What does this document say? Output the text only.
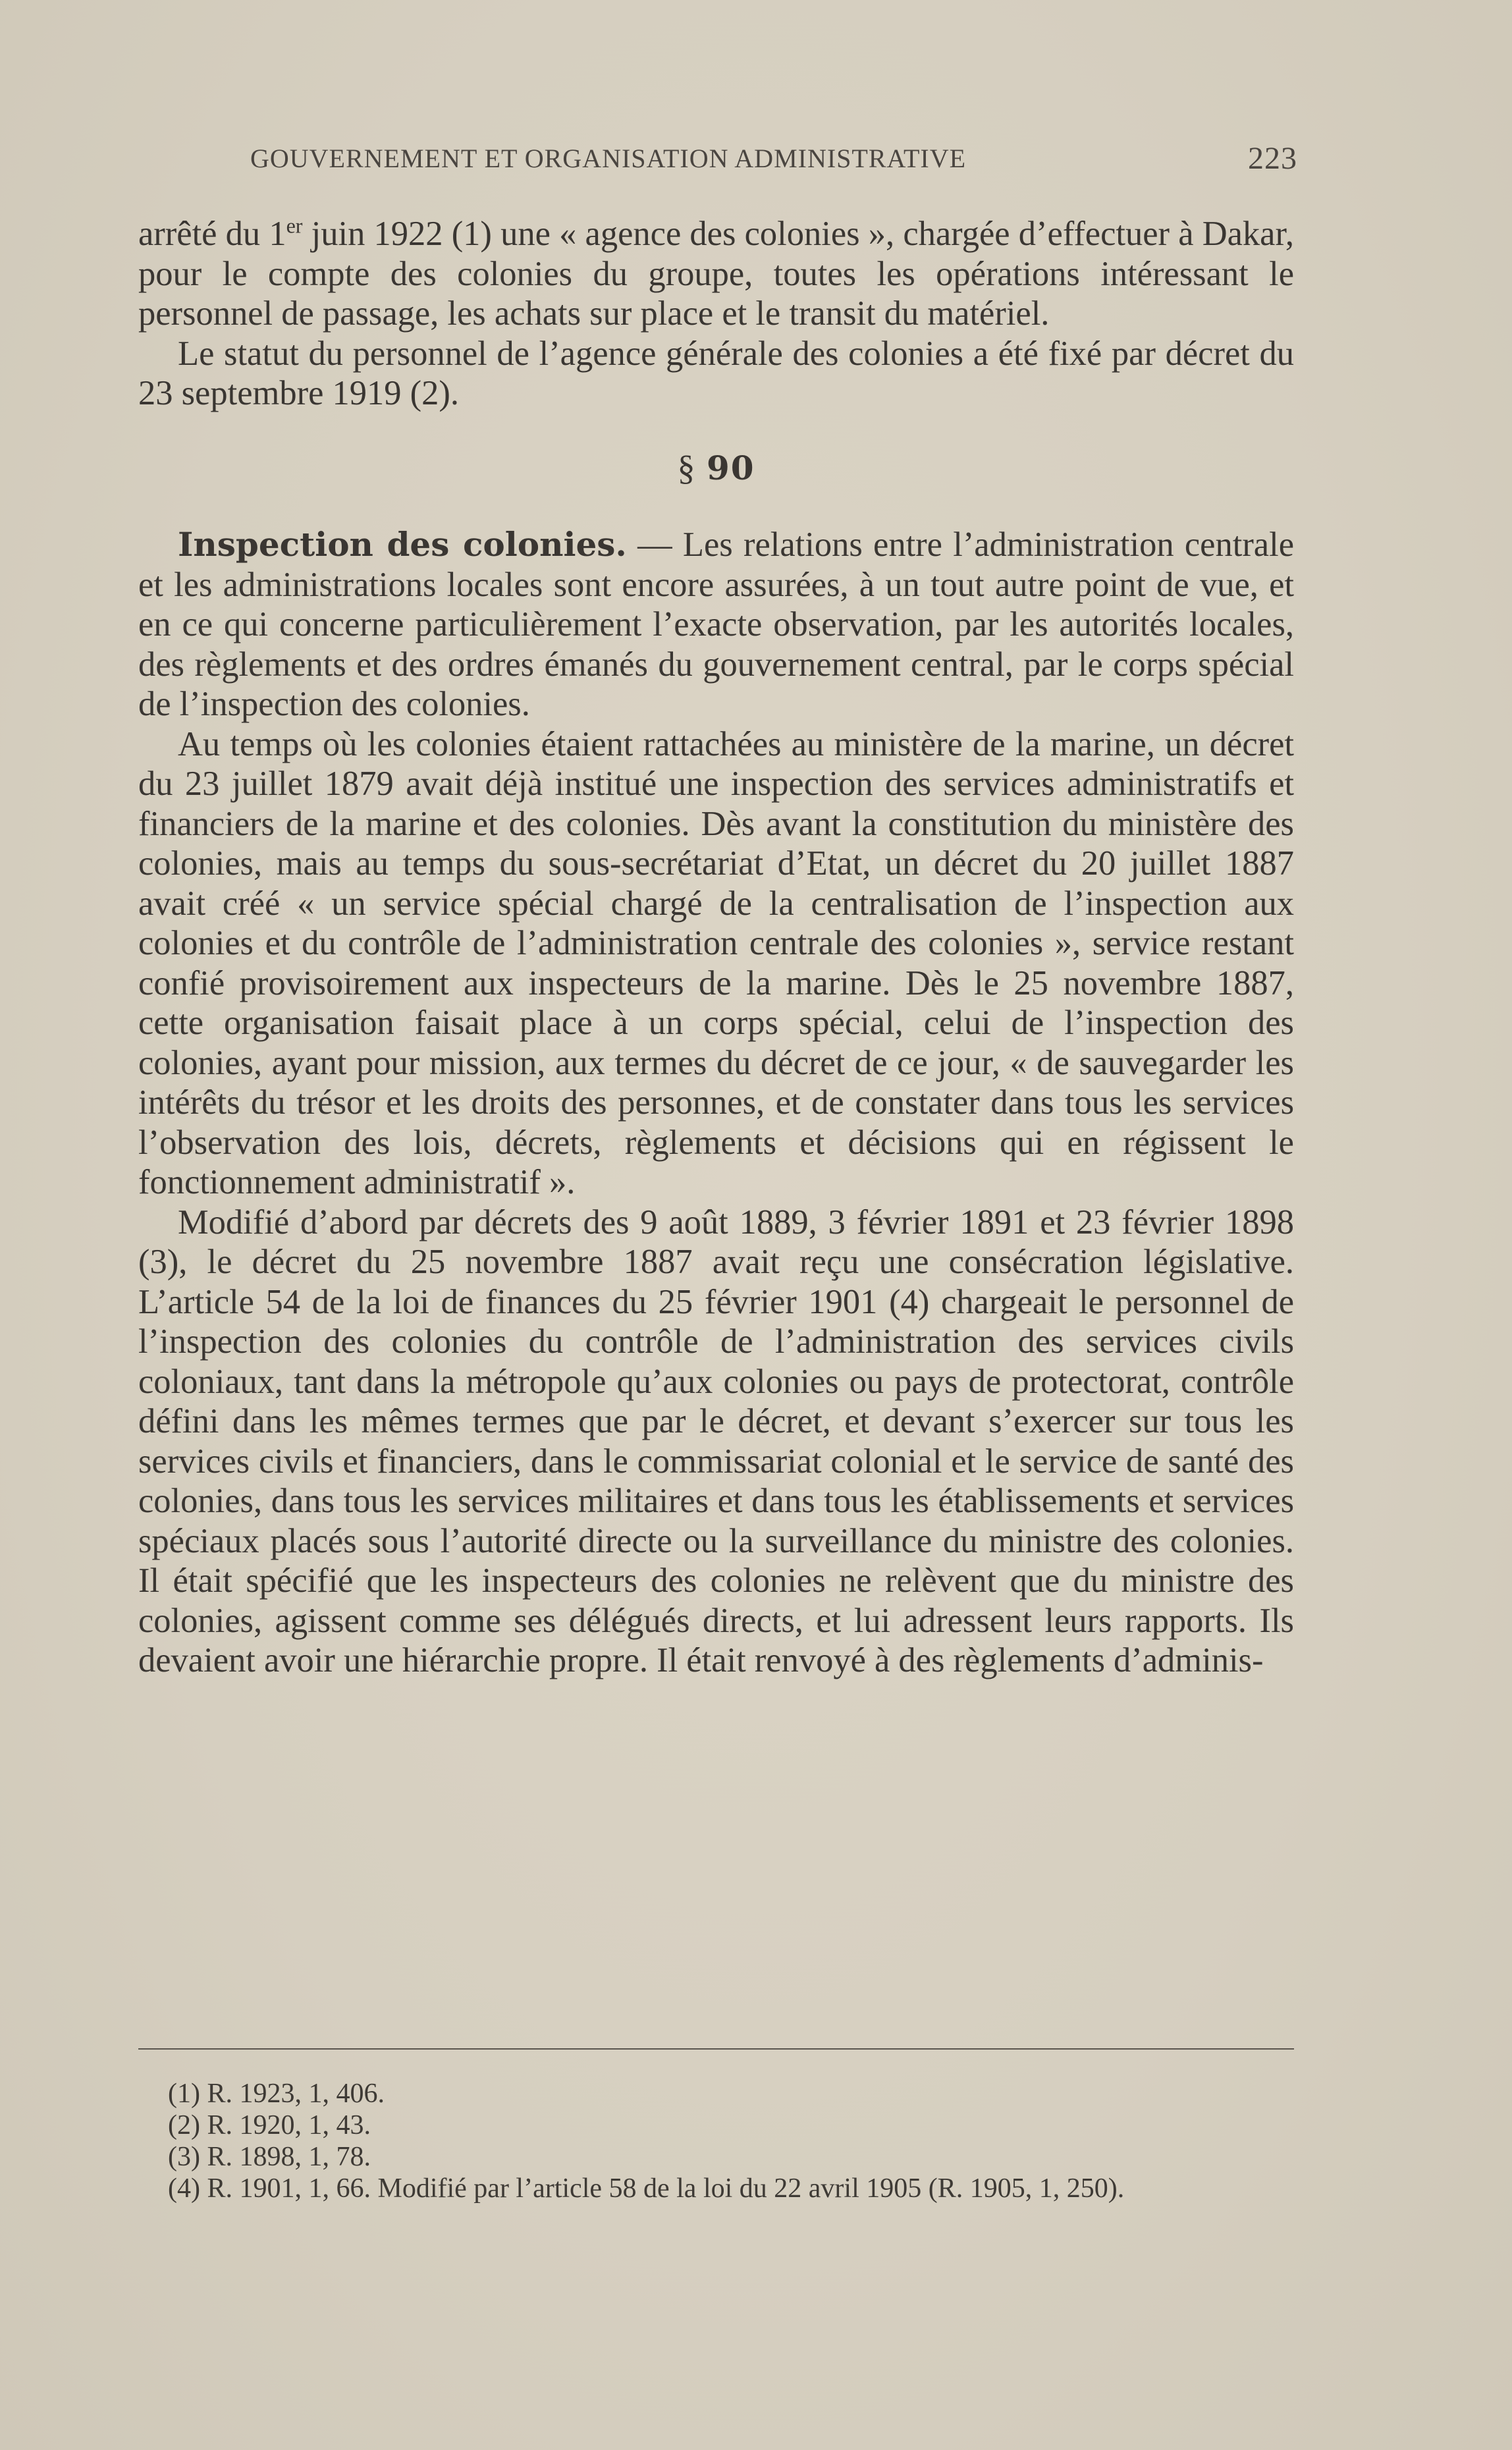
GOUVERNEMENT ET ORGANISATION ADMINISTRATIVE	223

arrêté du 1er juin 1922 (1) une « agence des colonies », chargée d’effectuer à Dakar, pour le compte des colonies du groupe, toutes les opérations intéressant le personnel de passage, les achats sur place et le transit du matériel.

Le statut du personnel de l’agence générale des colonies a été fixé par décret du 23 septembre 1919 (2).

§ 90

Inspection des colonies. — Les relations entre l’administration centrale et les administrations locales sont encore assurées, à un tout autre point de vue, et en ce qui concerne particulièrement l’exacte observation, par les autorités locales, des règlements et des ordres émanés du gouvernement central, par le corps spécial de l’inspection des colonies.

Au temps où les colonies étaient rattachées au ministère de la marine, un décret du 23 juillet 1879 avait déjà institué une inspection des services administratifs et financiers de la marine et des colonies. Dès avant la constitution du ministère des colonies, mais au temps du sous-secrétariat d’Etat, un décret du 20 juillet 1887 avait créé « un service spécial chargé de la centralisation de l’inspection aux colonies et du contrôle de l’administration centrale des colonies », service restant confié provisoirement aux inspecteurs de la marine. Dès le 25 novembre 1887, cette organisation faisait place à un corps spécial, celui de l’inspection des colonies, ayant pour mission, aux termes du décret de ce jour, « de sauvegarder les intérêts du trésor et les droits des personnes, et de constater dans tous les services l’observation des lois, décrets, règlements et décisions qui en régissent le fonctionnement administratif ».

Modifié d’abord par décrets des 9 août 1889, 3 février 1891 et 23 février 1898 (3), le décret du 25 novembre 1887 avait reçu une consécration législative. L’article 54 de la loi de finances du 25 février 1901 (4) chargeait le personnel de l’inspection des colonies du contrôle de l’administration des services civils coloniaux, tant dans la métropole qu’aux colonies ou pays de protectorat, contrôle défini dans les mêmes termes que par le décret, et devant s’exercer sur tous les services civils et financiers, dans le commissariat colonial et le service de santé des colonies, dans tous les services militaires et dans tous les établissements et services spéciaux placés sous l’autorité directe ou la surveillance du ministre des colonies. Il était spécifié que les inspecteurs des colonies ne relèvent que du ministre des colonies, agissent comme ses délégués directs, et lui adressent leurs rapports. Ils devaient avoir une hiérarchie propre. Il était renvoyé à des règlements d’adminis-

(1) R. 1923, 1, 406.

(2) R. 1920, 1, 43.

(3) R. 1898, 1, 78.

(4) R. 1901, 1, 66. Modifié par l’article 58 de la loi du 22 avril 1905 (R. 1905, 1, 250).
